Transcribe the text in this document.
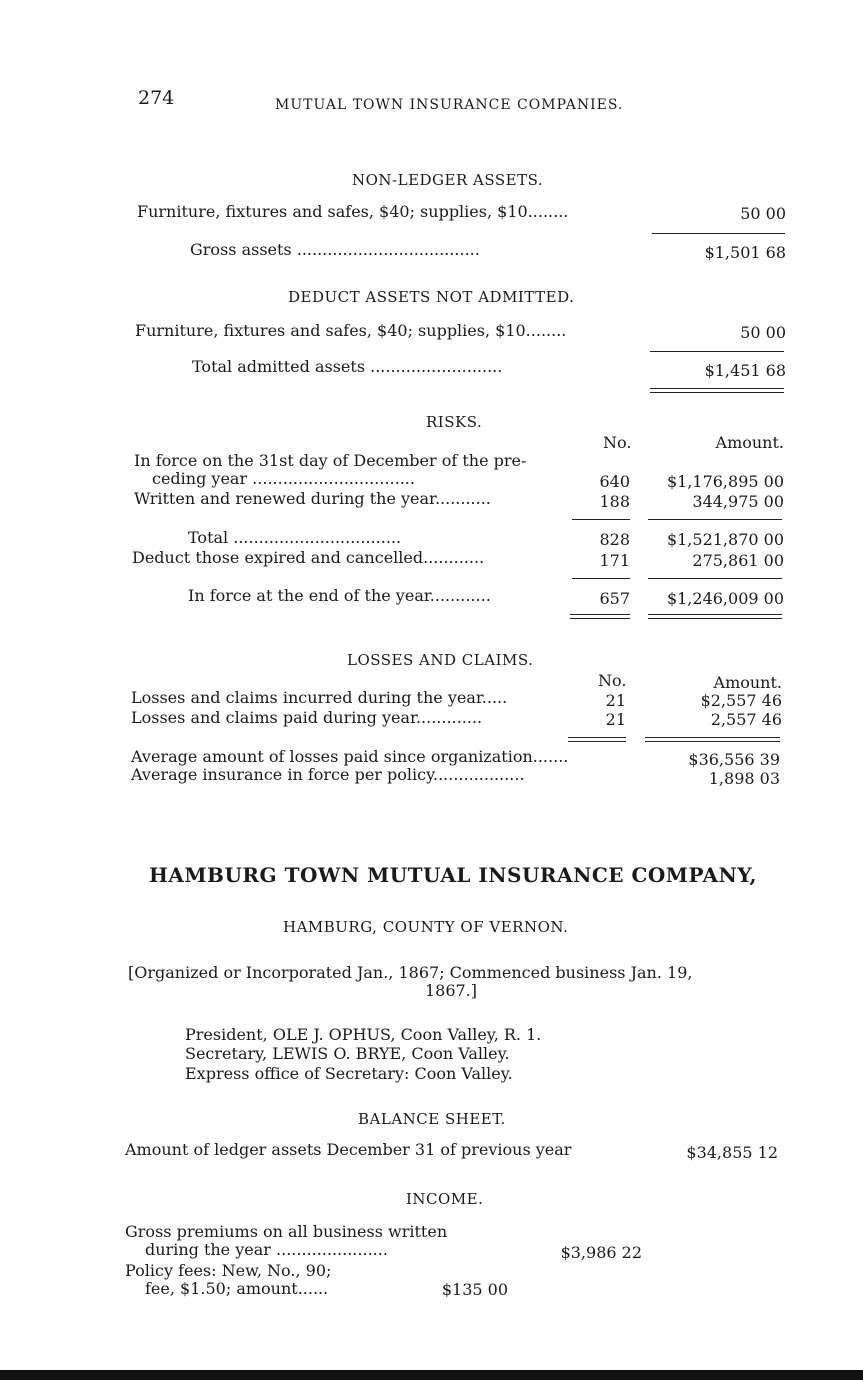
274	MUTUAL TOWN INSURANCE COMPANIES.
NON-LEDGER ASSETS.
Furniture, fixtures and safes, $40; supplies, $10........	50 00
Gross assets ....................................	$1,501 68
DEDUCT ASSETS NOT ADMITTED.
Furniture, fixtures and safes, $40; supplies, $10........	50 00
Total admitted assets ..........................	$1,451 68
RISKS.
No.	Amount.
In force on the 31st day of December of the pre-
ceding year ................................	640	$1,176,895 00
Written and renewed during the year...........	188	344,975 00
Total .................................	828	$1,521,870 00
Deduct those expired and cancelled............	171	275,861 00
In force at the end of the year............	657	$1,246,009 00
LOSSES AND CLAIMS.
No.	Amount.
Losses and claims incurred during the year.....	21	$2,557 46
Losses and claims paid during year.............	21	2,557 46
Average amount of losses paid since organization.......	$36,556 39
Average insurance in force per policy..................	1,898 03
HAMBURG TOWN MUTUAL INSURANCE COMPANY,
HAMBURG, COUNTY OF VERNON.
[Organized or Incorporated Jan., 1867; Commenced business Jan. 19,
1867.]
President, OLE J. OPHUS, Coon Valley, R. 1.
Secretary, LEWIS O. BRYE, Coon Valley.
Express office of Secretary: Coon Valley.
BALANCE SHEET.
Amount of ledger assets December 31 of previous year	$34,855 12
INCOME.
Gross premiums on all business written
during the year ......................	$3,986 22
Policy fees: New, No., 90;
fee, $1.50; amount......	$135 00
